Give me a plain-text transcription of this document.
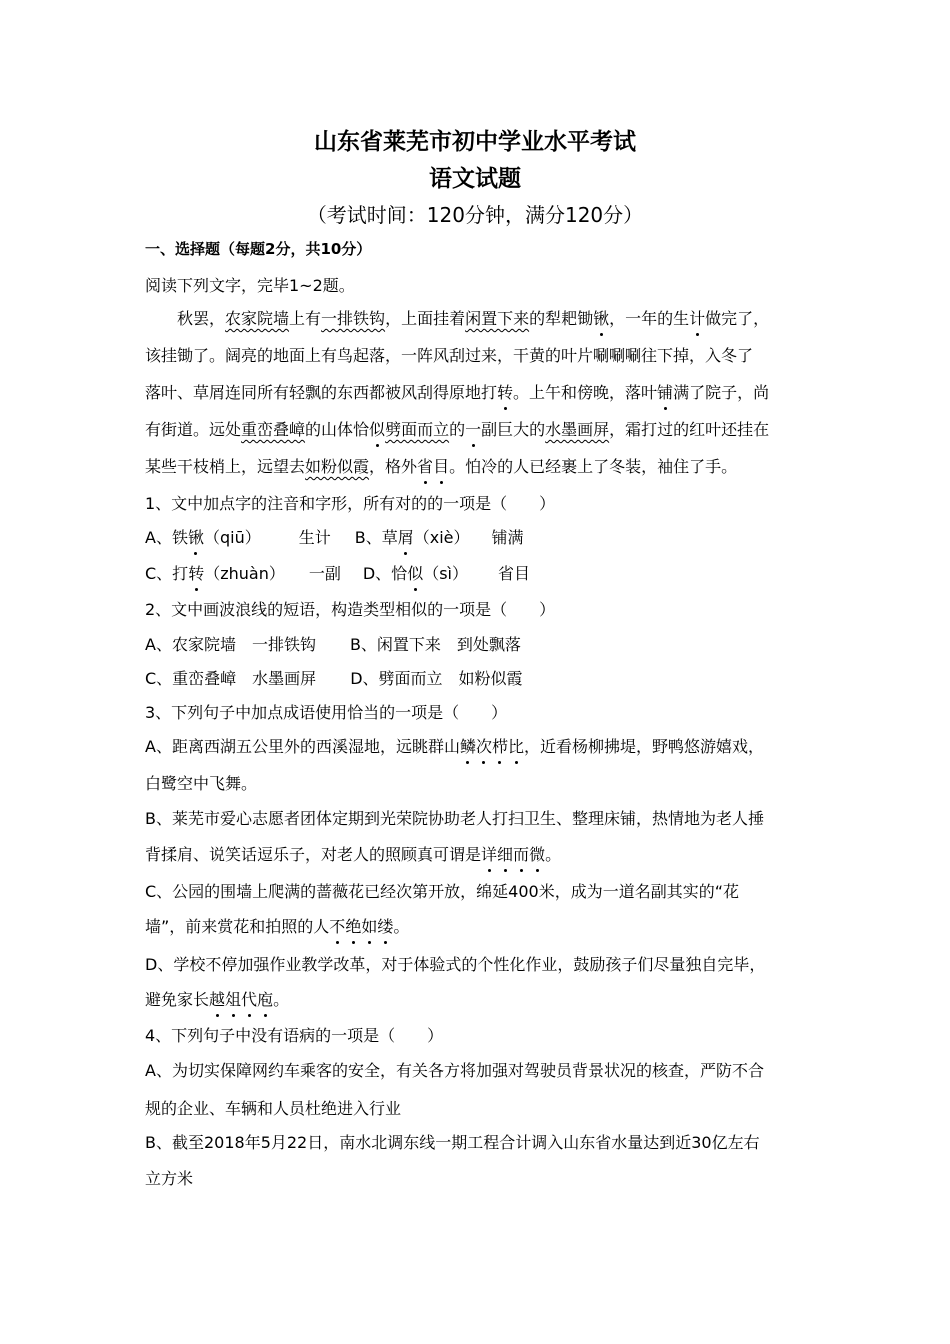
山东省莱芜市初中学业水平考试
语文试题
（考试时间：120分钟，满分120分）
一、选择题（每题2分，共10分）
阅读下列文字，完毕1~2题。
秋罢，农家院墙上有一排铁钩，上面挂着闲置下来的犁耙锄锹，一年的生计做完了，
该挂锄了。阔亮的地面上有鸟起落，一阵风刮过来，干黄的叶片唰唰唰往下掉，入冬了
落叶、草屑连同所有轻飘的东西都被风刮得原地打转。上午和傍晚，落叶铺满了院子，尚
有街道。远处重峦叠嶂的山体恰似劈面而立的一副巨大的水墨画屏，霜打过的红叶还挂在
某些干枝梢上，远望去如粉似霞，格外省目。怕冷的人已经裹上了冬装，袖住了手。
1、文中加点字的注音和字形，所有对的的一项是（　　）
A、铁锹（qiū） 生计 B、草屑（xiè） 铺满
C、打转（zhuàn） 一副 D、恰似（sì） 省目
2、文中画波浪线的短语，构造类型相似的一项是（　　）
A、农家院墙　一排铁钩 B、闲置下来　到处飘落
C、重峦叠嶂　水墨画屏 D、劈面而立　如粉似霞
3、下列句子中加点成语使用恰当的一项是（　　）
A、距离西湖五公里外的西溪湿地，远眺群山鳞次栉比，近看杨柳拂堤，野鸭悠游嬉戏，
白鹭空中飞舞。
B、莱芜市爱心志愿者团体定期到光荣院协助老人打扫卫生、整理床铺，热情地为老人捶
背揉肩、说笑话逗乐子，对老人的照顾真可谓是详细而微。
C、公园的围墙上爬满的蔷薇花已经次第开放，绵延400米，成为一道名副其实的“花
墙”，前来赏花和拍照的人不绝如缕。
D、学校不停加强作业教学改革，对于体验式的个性化作业，鼓励孩子们尽量独自完毕，
避免家长越俎代庖。
4、下列句子中没有语病的一项是（　　）
A、为切实保障网约车乘客的安全，有关各方将加强对驾驶员背景状况的核查，严防不合
规的企业、车辆和人员杜绝进入行业
B、截至2018年5月22日，南水北调东线一期工程合计调入山东省水量达到近30亿左右
立方米
